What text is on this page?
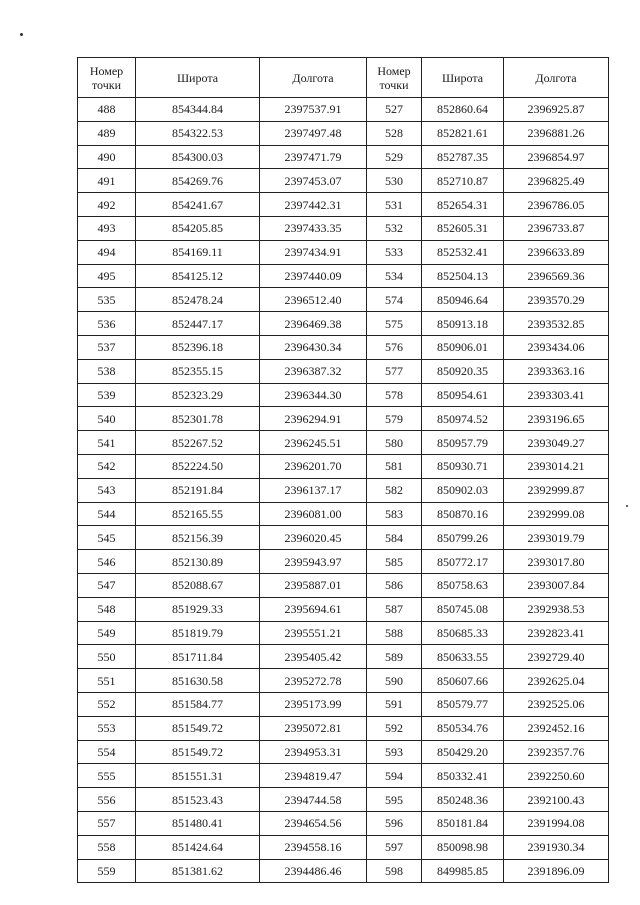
Номер точки	Широта	Долгота	Номер точки	Широта	Долгота
488	854344.84	2397537.91	527	852860.64	2396925.87
489	854322.53	2397497.48	528	852821.61	2396881.26
490	854300.03	2397471.79	529	852787.35	2396854.97
491	854269.76	2397453.07	530	852710.87	2396825.49
492	854241.67	2397442.31	531	852654.31	2396786.05
493	854205.85	2397433.35	532	852605.31	2396733.87
494	854169.11	2397434.91	533	852532.41	2396633.89
495	854125.12	2397440.09	534	852504.13	2396569.36
535	852478.24	2396512.40	574	850946.64	2393570.29
536	852447.17	2396469.38	575	850913.18	2393532.85
537	852396.18	2396430.34	576	850906.01	2393434.06
538	852355.15	2396387.32	577	850920.35	2393363.16
539	852323.29	2396344.30	578	850954.61	2393303.41
540	852301.78	2396294.91	579	850974.52	2393196.65
541	852267.52	2396245.51	580	850957.79	2393049.27
542	852224.50	2396201.70	581	850930.71	2393014.21
543	852191.84	2396137.17	582	850902.03	2392999.87
544	852165.55	2396081.00	583	850870.16	2392999.08
545	852156.39	2396020.45	584	850799.26	2393019.79
546	852130.89	2395943.97	585	850772.17	2393017.80
547	852088.67	2395887.01	586	850758.63	2393007.84
548	851929.33	2395694.61	587	850745.08	2392938.53
549	851819.79	2395551.21	588	850685.33	2392823.41
550	851711.84	2395405.42	589	850633.55	2392729.40
551	851630.58	2395272.78	590	850607.66	2392625.04
552	851584.77	2395173.99	591	850579.77	2392525.06
553	851549.72	2395072.81	592	850534.76	2392452.16
554	851549.72	2394953.31	593	850429.20	2392357.76
555	851551.31	2394819.47	594	850332.41	2392250.60
556	851523.43	2394744.58	595	850248.36	2392100.43
557	851480.41	2394654.56	596	850181.84	2391994.08
558	851424.64	2394558.16	597	850098.98	2391930.34
559	851381.62	2394486.46	598	849985.85	2391896.09
